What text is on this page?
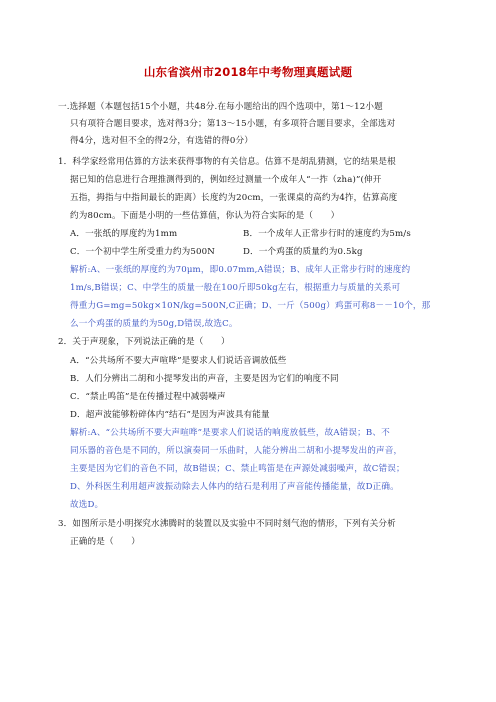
山东省滨州市2018年中考物理真题试题
一.选择题（本题包括15个小题，共48分.在每小题给出的四个选项中，第1～12小题
只有项符合题目要求，选对得3分；第13～15小题，有多项符合题目要求，全部选对
得4分，选对但不全的得2分，有选错的得0分）
1．科学家经常用估算的方法来获得事物的有关信息。估算不是胡乱猜测，它的结果是根
据已知的信息进行合理推测得到的，例如经过测量一个成年人“一拃（zha)”(伸开
五指，拇指与中指间最长的距离）长度约为20cm，一张课桌的高约为4拃，估算高度
约为80cm。下面是小明的一些估算值，你认为符合实际的是（　　）
A．一张纸的厚度约为1mm	B．一个成年人正常步行时的速度约为5m/s
C．一个初中学生所受重力约为500N	D．一个鸡蛋的质量约为0.5kg
解析:A、一张纸的厚度约为70μm，即0.07mm,A错误；B、成年人正常步行时的速度约
1m/s,B错误；C、中学生的质量一般在100斤即50kg左右，根据重力与质量的关系可
得重力G=mg=50kg×10N/kg=500N,C正确；D、一斤（500g）鸡蛋可称8－－10个，那
么一个鸡蛋的质量约为50g,D错误,故选C。
2．关于声现象，下列说法正确的是（　　）
A．“公共场所不要大声喧哗”是要求人们说话音调放低些
B．人们分辨出二胡和小提琴发出的声音，主要是因为它们的响度不同
C．“禁止鸣笛”是在传播过程中减弱噪声
D．超声波能够粉碎体内“结石”是因为声波具有能量
解析:A、“公共场所不要大声喧哗”是要求人们说话的响度放低些，故A错误；B、不
同乐器的音色是不同的，所以演奏同一乐曲时，人能分辨出二胡和小提琴发出的声音，
主要是因为它们的音色不同，故B错误；C、禁止鸣笛是在声源处减弱噪声，故C错误；
D、外科医生利用超声波振动除去人体内的结石是利用了声音能传播能量，故D正确。
故选D。
3．如图所示是小明探究水沸腾时的装置以及实验中不同时刻气泡的情形，下列有关分析
正确的是（　　）
